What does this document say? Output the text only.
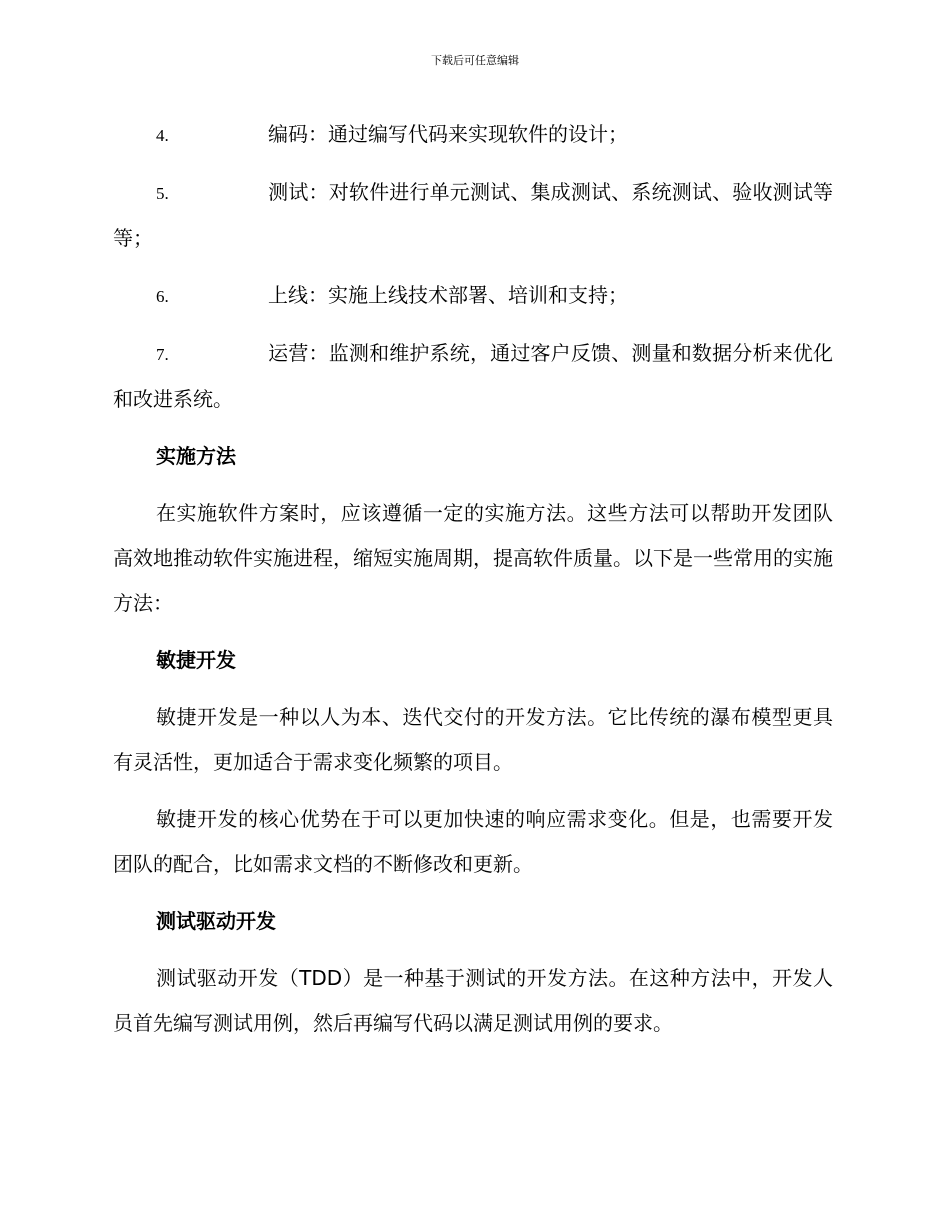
下载后可任意编辑
4.	编码：通过编写代码来实现软件的设计；
5.	测试：对软件进行单元测试、集成测试、系统测试、验收测试等等；
6.	上线：实施上线技术部署、培训和支持；
7.	运营：监测和维护系统，通过客户反馈、测量和数据分析来优化和改进系统。
实施方法

在实施软件方案时，应该遵循一定的实施方法。这些方法可以帮助开发团队高效地推动软件实施进程，缩短实施周期，提高软件质量。以下是一些常用的实施方法：

敏捷开发

敏捷开发是一种以人为本、迭代交付的开发方法。它比传统的瀑布模型更具有灵活性，更加适合于需求变化频繁的项目。

敏捷开发的核心优势在于可以更加快速的响应需求变化。但是，也需要开发团队的配合，比如需求文档的不断修改和更新。

测试驱动开发

测试驱动开发（TDD）是一种基于测试的开发方法。在这种方法中，开发人员首先编写测试用例，然后再编写代码以满足测试用例的要求。
